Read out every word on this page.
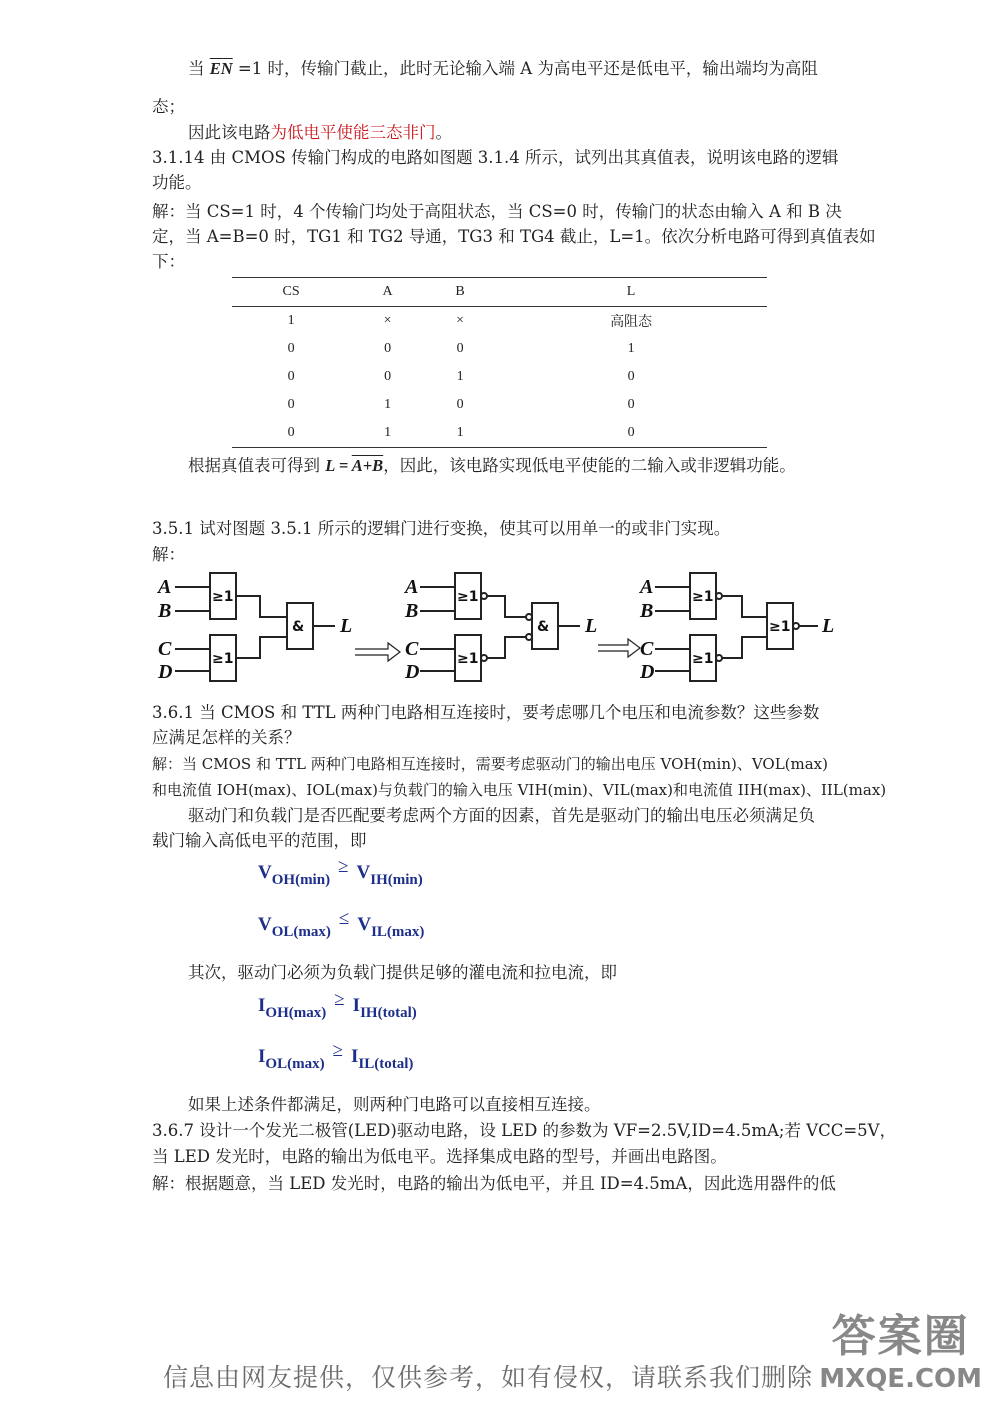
当 $\overline{EN} =1$ 时，传输门截止，此时无论输入端 A 为高电平还是低电平，输出端均为高阻
态；
因此该电路为低电平使能三态非门。
3.1.14 由 CMOS 传输门构成的电路如图题 3.1.4 所示，试列出其真值表，说明该电路的逻辑
功能。
解：当 CS=1 时，4 个传输门均处于高阻状态，当 CS=0 时，传输门的状态由输入 A 和 B 决
定，当 A=B=0 时，TG1 和 TG2 导通，TG3 和 TG4 截止，L=1。依次分析电路可得到真值表如
下：
CS	A	B	L
1	×	×	高阻态
0	0	0	1
0	0	1	0
0	1	0	0
0	1	1	0
根据真值表可得到 L = A+B，因此，该电路实现低电平使能的二输入或非逻辑功能。
3.5.1 试对图题 3.5.1 所示的逻辑门进行变换，使其可以用单一的或非门实现。
解：
A
B
C
D
L
A
B
C
D
L
A
B
C
D
L
≥1
≥1
&
≥1
≥1
&
≥1
≥1
≥1
3.6.1 当 CMOS 和 TTL 两种门电路相互连接时，要考虑哪几个电压和电流参数？这些参数
应满足怎样的关系？
解：当 CMOS 和 TTL 两种门电路相互连接时，需要考虑驱动门的输出电压 VOH(min)、VOL(max)
和电流值 IOH(max)、IOL(max)与负载门的输入电压 VIH(min)、VIL(max)和电流值 IIH(max)、IIL(max)
驱动门和负载门是否匹配要考虑两个方面的因素，首先是驱动门的输出电压必须满足负
载门输入高低电平的范围，即
$V_{OH(min)}\ge V_{IH(min)}$
$V_{OL(max)}\le V_{IL(max)}$
其次，驱动门必须为负载门提供足够的灌电流和拉电流，即
$I_{OH(max)}\ge I_{IH(total)}$
$I_{OL(max)}\ge I_{IL(total)}$
如果上述条件都满足，则两种门电路可以直接相互连接。
3.6.7 设计一个发光二极管(LED)驱动电路，设 LED 的参数为 VF=2.5V,ID=4.5mA;若 VCC=5V，
当 LED 发光时，电路的输出为低电平。选择集成电路的型号，并画出电路图。
解：根据题意，当 LED 发光时，电路的输出为低电平，并且 ID=4.5mA，因此选用器件的低
信息由网友提供，仅供参考，如有侵权，请联系我们删除
答案圈
MXQE.COM
